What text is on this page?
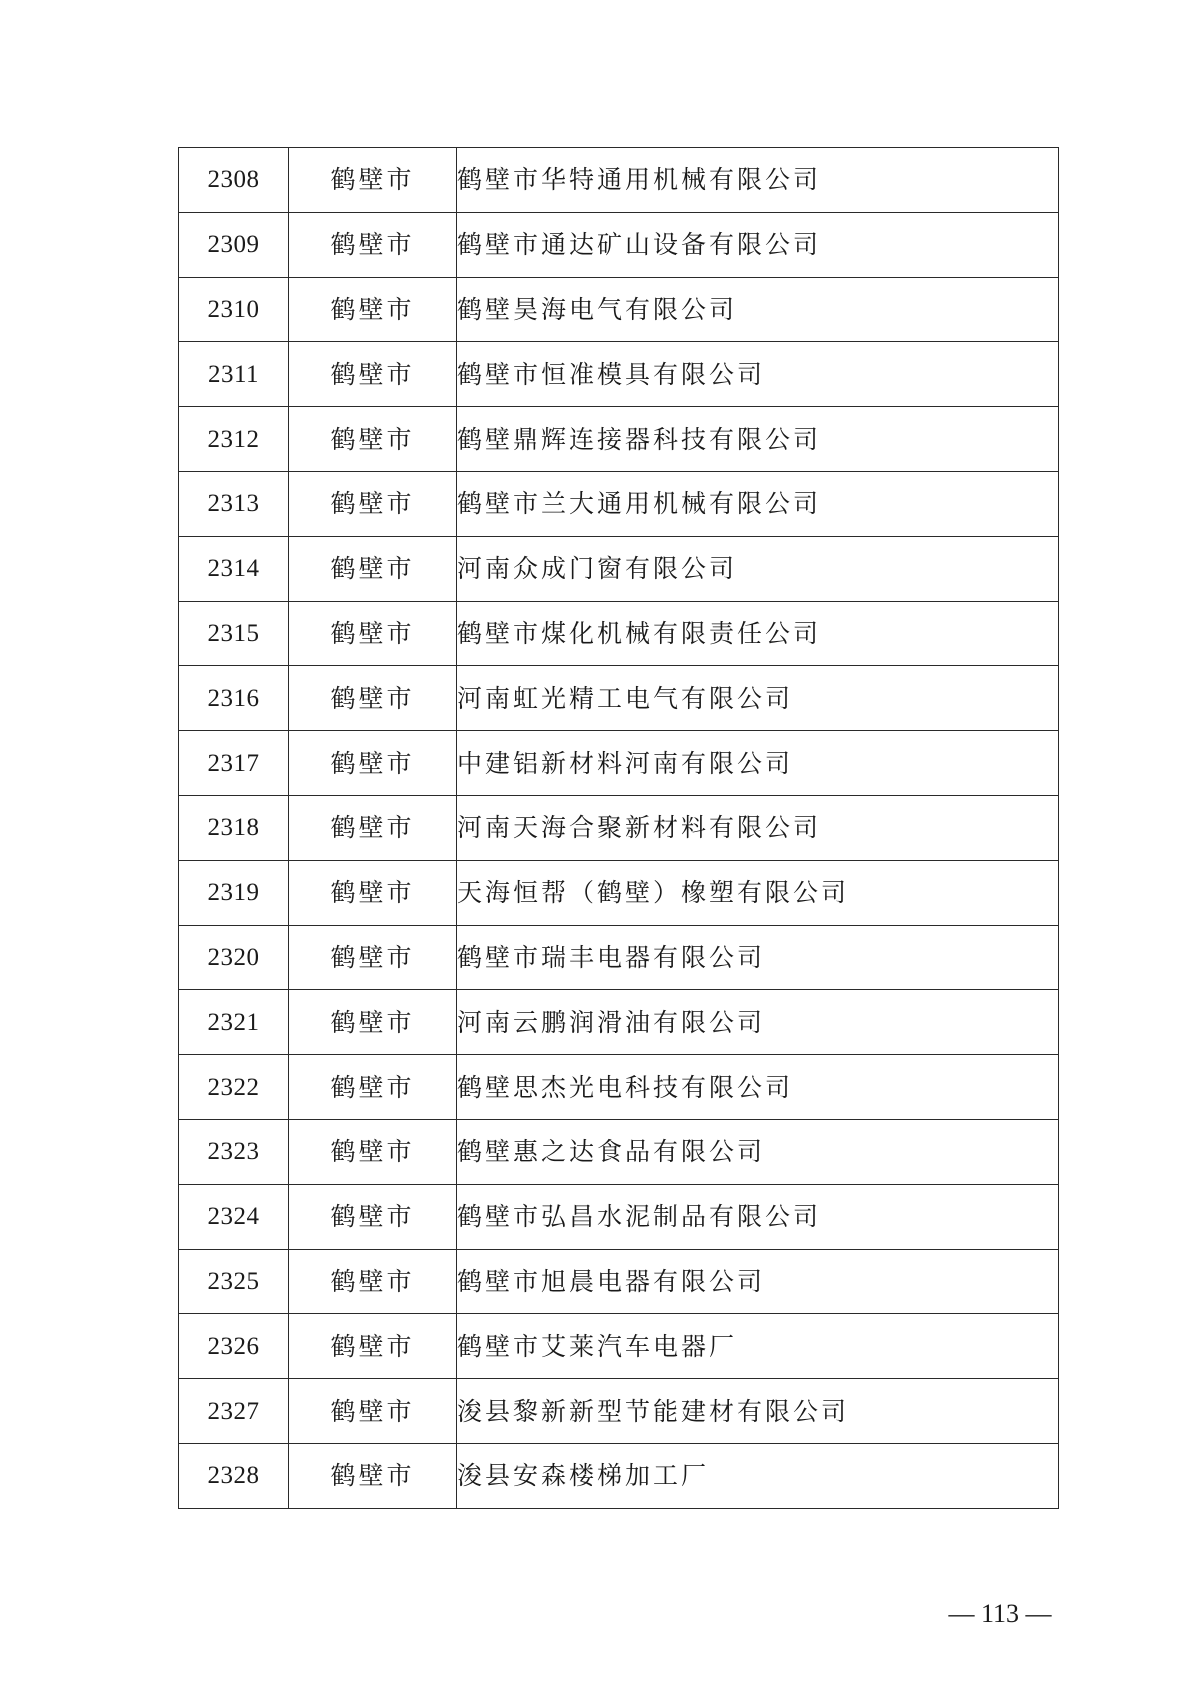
2308	鹤壁市	鹤壁市华特通用机械有限公司
2309	鹤壁市	鹤壁市通达矿山设备有限公司
2310	鹤壁市	鹤壁昊海电气有限公司
2311	鹤壁市	鹤壁市恒准模具有限公司
2312	鹤壁市	鹤壁鼎辉连接器科技有限公司
2313	鹤壁市	鹤壁市兰大通用机械有限公司
2314	鹤壁市	河南众成门窗有限公司
2315	鹤壁市	鹤壁市煤化机械有限责任公司
2316	鹤壁市	河南虹光精工电气有限公司
2317	鹤壁市	中建铝新材料河南有限公司
2318	鹤壁市	河南天海合聚新材料有限公司
2319	鹤壁市	天海恒帮（鹤壁）橡塑有限公司
2320	鹤壁市	鹤壁市瑞丰电器有限公司
2321	鹤壁市	河南云鹏润滑油有限公司
2322	鹤壁市	鹤壁思杰光电科技有限公司
2323	鹤壁市	鹤壁惠之达食品有限公司
2324	鹤壁市	鹤壁市弘昌水泥制品有限公司
2325	鹤壁市	鹤壁市旭晨电器有限公司
2326	鹤壁市	鹤壁市艾莱汽车电器厂
2327	鹤壁市	浚县黎新新型节能建材有限公司
2328	鹤壁市	浚县安森楼梯加工厂
— 113 —
